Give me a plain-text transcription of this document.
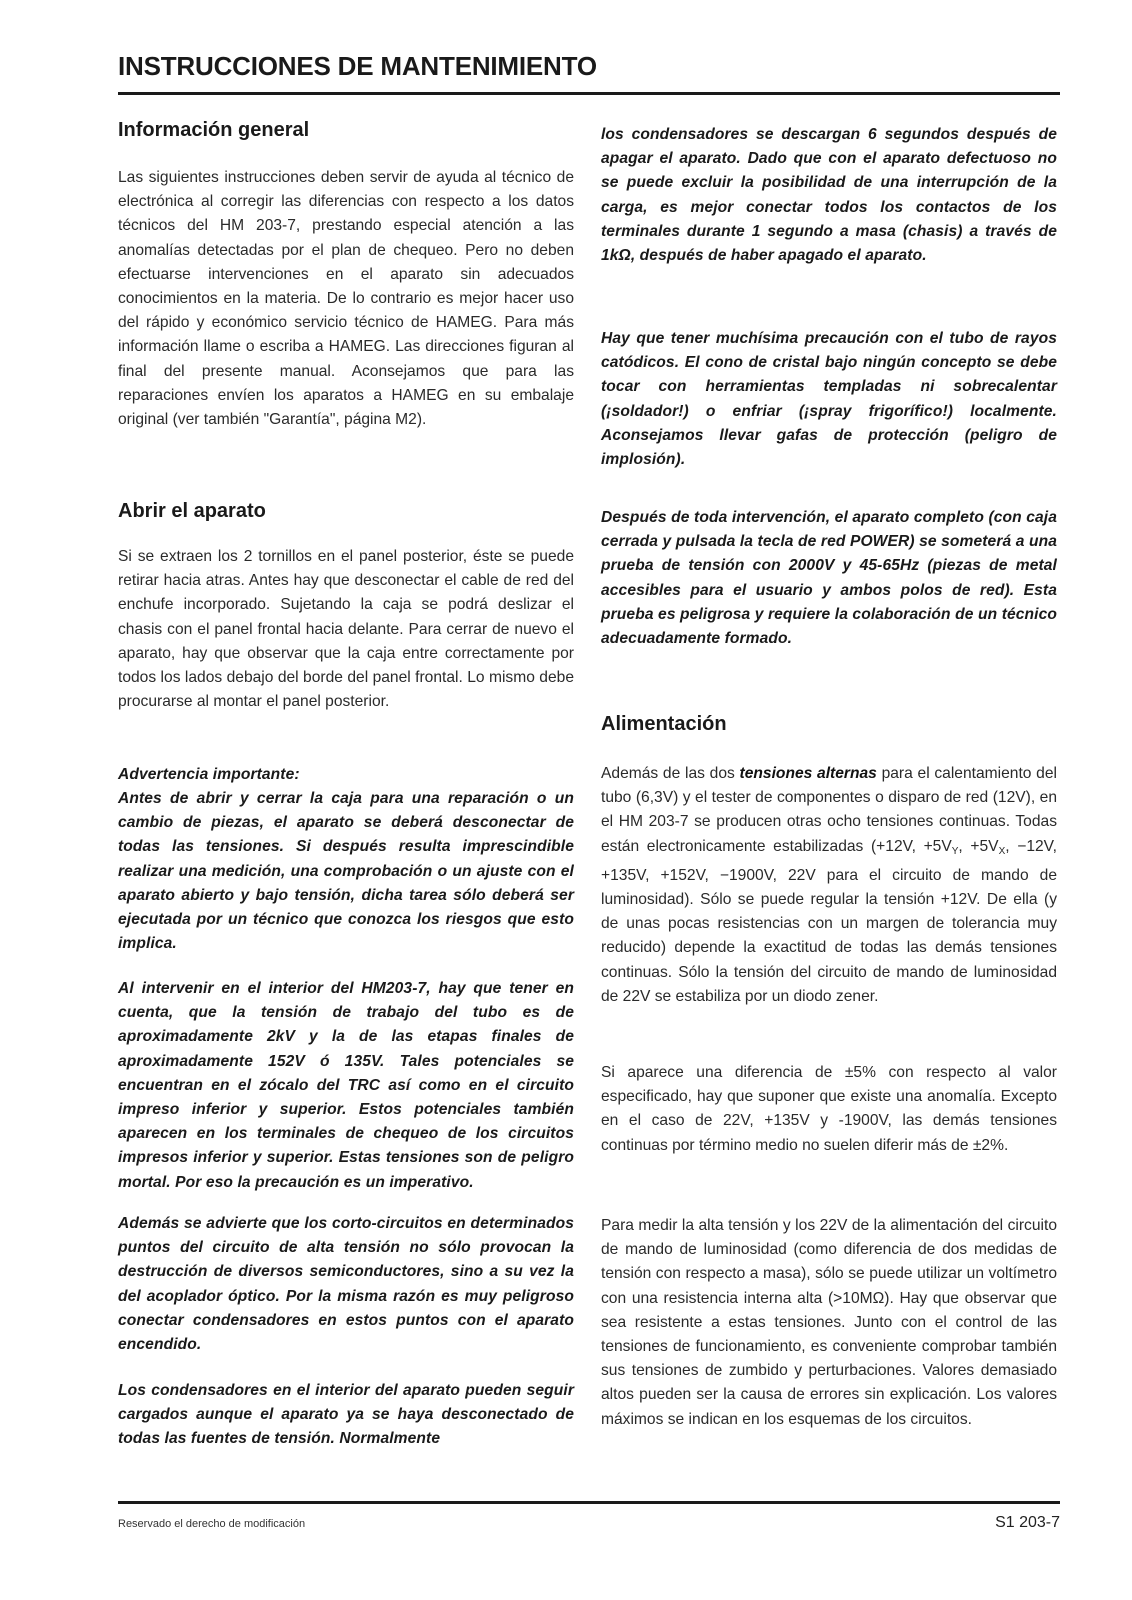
INSTRUCCIONES DE MANTENIMIENTO
Información general

Las siguientes instrucciones deben servir de ayuda al técnico de electrónica al corregir las diferencias con respecto a los datos técnicos del HM 203-7, prestando especial atención a las anomalías detectadas por el plan de chequeo. Pero no deben efectuarse intervenciones en el aparato sin adecuados conocimientos en la materia. De lo contrario es mejor hacer uso del rápido y económico servicio técnico de HAMEG. Para más información llame o escriba a HAMEG. Las direcciones figuran al final del presente manual. Aconsejamos que para las reparaciones envíen los aparatos a HAMEG en su embalaje original (ver también "Garantía", página M2).

Abrir el aparato

Si se extraen los 2 tornillos en el panel posterior, éste se puede retirar hacia atras. Antes hay que desconectar el cable de red del enchufe incorporado. Sujetando la caja se podrá deslizar el chasis con el panel frontal hacia delante. Para cerrar de nuevo el aparato, hay que observar que la caja entre correctamente por todos los lados debajo del borde del panel frontal. Lo mismo debe procurarse al montar el panel posterior.

Advertencia importante:

Antes de abrir y cerrar la caja para una reparación o un cambio de piezas, el aparato se deberá desconectar de todas las tensiones. Si después resulta imprescindible realizar una medición, una comprobación o un ajuste con el aparato abierto y bajo tensión, dicha tarea sólo deberá ser ejecutada por un técnico que conozca los riesgos que esto implica.

Al intervenir en el interior del HM203-7, hay que tener en cuenta, que la tensión de trabajo del tubo es de aproximadamente 2kV y la de las etapas finales de aproximadamente 152V ó 135V. Tales potenciales se encuentran en el zócalo del TRC así como en el circuito impreso inferior y superior. Estos potenciales también aparecen en los terminales de chequeo de los circuitos impresos inferior y superior. Estas tensiones son de peligro mortal. Por eso la precaución es un imperativo.

Además se advierte que los corto-circuitos en determinados puntos del circuito de alta tensión no sólo provocan la destrucción de diversos semiconductores, sino a su vez la del acoplador óptico. Por la misma razón es muy peligroso conectar condensadores en estos puntos con el aparato encendido.

Los condensadores en el interior del aparato pueden seguir cargados aunque el aparato ya se haya desconectado de todas las fuentes de tensión. Normalmente

los condensadores se descargan 6 segundos después de apagar el aparato. Dado que con el aparato defectuoso no se puede excluir la posibilidad de una interrupción de la carga, es mejor conectar todos los contactos de los terminales durante 1 segundo a masa (chasis) a través de 1kΩ, después de haber apagado el aparato.

Hay que tener muchísima precaución con el tubo de rayos catódicos. El cono de cristal bajo ningún concepto se debe tocar con herramientas templadas ni sobrecalentar (¡soldador!) o enfriar (¡spray frigorífico!) localmente. Aconsejamos llevar gafas de protección (peligro de implosión).

Después de toda intervención, el aparato completo (con caja cerrada y pulsada la tecla de red POWER) se someterá a una prueba de tensión con 2000V y 45-65Hz (piezas de metal accesibles para el usuario y ambos polos de red). Esta prueba es peligrosa y requiere la colaboración de un técnico adecuadamente formado.

Alimentación

Además de las dos tensiones alternas para el calentamiento del tubo (6,3V) y el tester de componentes o disparo de red (12V), en el HM 203-7 se producen otras ocho tensiones continuas. Todas están electronicamente estabilizadas (+12V, $+5V_Y$, $+5V_X$, −12V, +135V, +152V, −1900V, 22V para el circuito de mando de luminosidad). Sólo se puede regular la tensión +12V. De ella (y de unas pocas resistencias con un margen de tolerancia muy reducido) depende la exactitud de todas las demás tensiones continuas. Sólo la tensión del circuito de mando de luminosidad de 22V se estabiliza por un diodo zener.

Si aparece una diferencia de ±5% con respecto al valor especificado, hay que suponer que existe una anomalía. Excepto en el caso de 22V, +135V y -1900V, las demás tensiones continuas por término medio no suelen diferir más de ±2%.

Para medir la alta tensión y los 22V de la alimentación del circuito de mando de luminosidad (como diferencia de dos medidas de tensión con respecto a masa), sólo se puede utilizar un voltímetro con una resistencia interna alta (>10MΩ). Hay que observar que sea resistente a estas tensiones. Junto con el control de las tensiones de funcionamiento, es conveniente comprobar también sus tensiones de zumbido y perturbaciones. Valores demasiado altos pueden ser la causa de errores sin explicación. Los valores máximos se indican en los esquemas de los circuitos.

Reservado el derecho de modificación	S1 203-7
